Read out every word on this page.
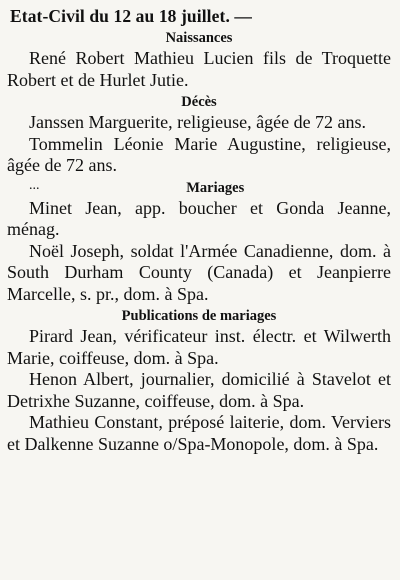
Etat-Civil du 12 au 18 juillet. —
Naissances

René Robert Mathieu Lucien fils de Troquette Robert et de Hurlet Jutie.

Décès

Janssen Marguerite, religieuse, âgée de 72 ans.

Tommelin Léonie Marie Augustine, religieuse, âgée de 72 ans.

...	Mariages

Minet Jean, app. boucher et Gonda Jeanne, ménag.

Noël Joseph, soldat l'Armée Canadienne, dom. à South Durham County (Canada) et Jeanpierre Marcelle, s. pr., dom. à Spa.

Publications de mariages

Pirard Jean, vérificateur inst. électr. et Wilwerth Marie, coiffeuse, dom. à Spa.

Henon Albert, journalier, domicilié à Stavelot et Detrixhe Suzanne, coiffeuse, dom. à Spa.

Mathieu Constant, préposé laiterie, dom. Verviers et Dalkenne Suzanne o/Spa-Monopole, dom. à Spa.
